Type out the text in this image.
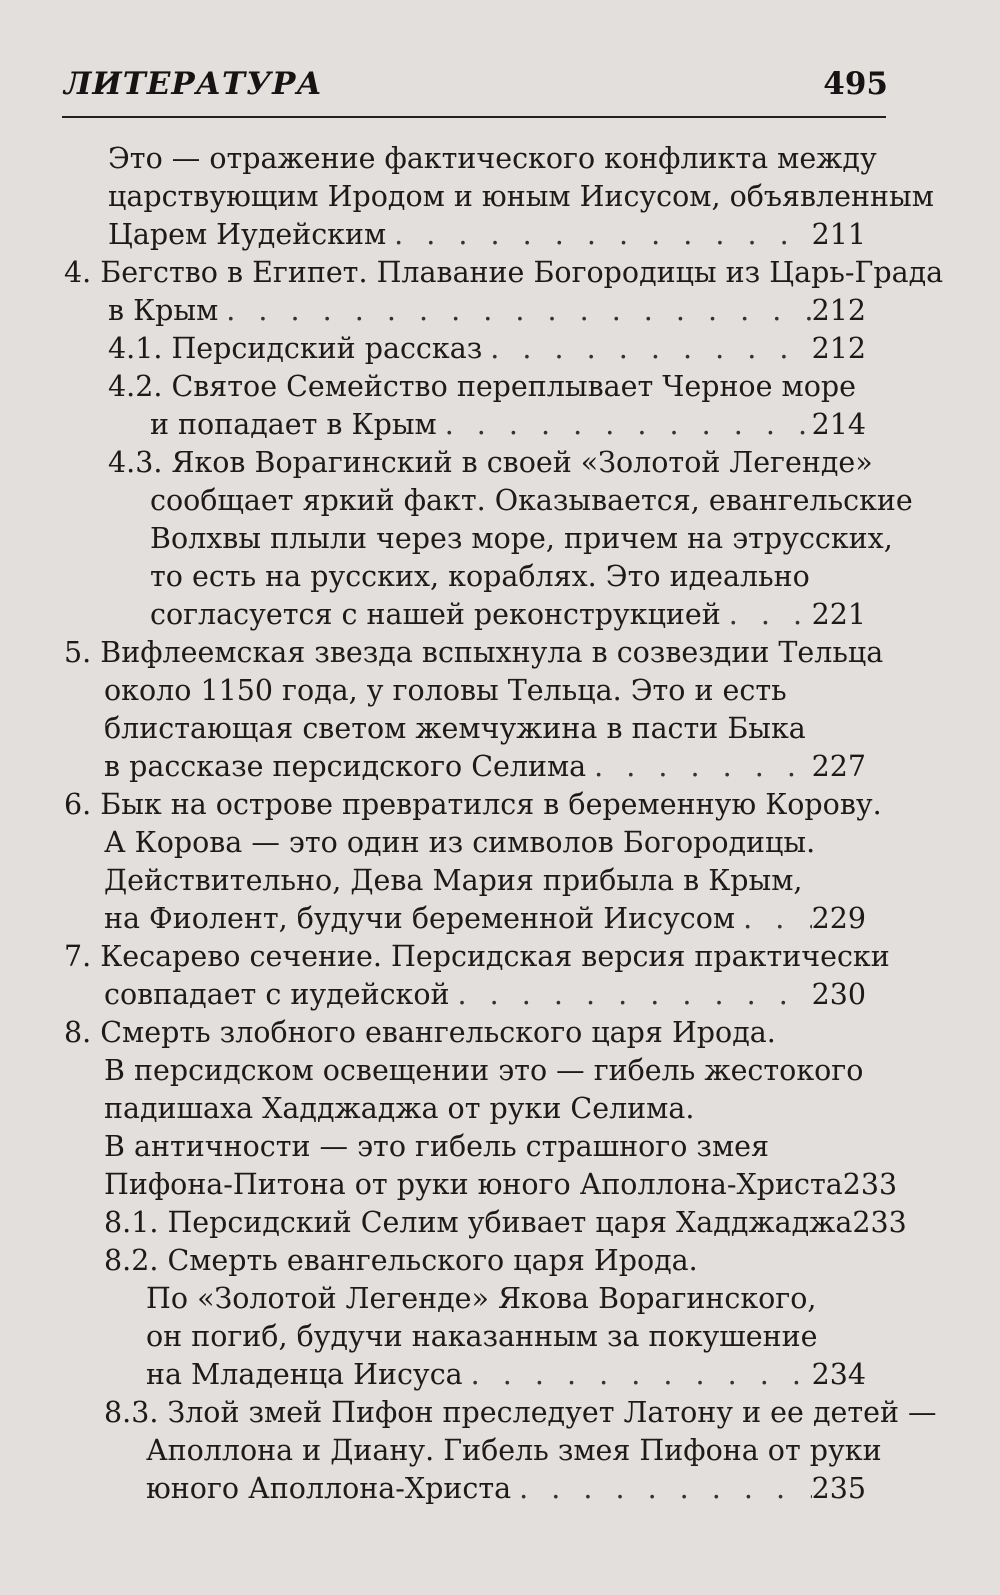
ЛИТЕРАТУРА	495
Это — отражение фактического конфликта между
царствующим Иродом и юным Иисусом, объявленным
Царем Иудейским . . .	211
4. Бегство в Египет. Плавание Богородицы из Царь-Града
в Крым . . .	212
4.1. Персидский рассказ . . .	212
4.2. Святое Семейство переплывает Черное море
и попадает в Крым . . .	214
4.3. Яков Ворагинский в своей «Золотой Легенде»
сообщает яркий факт. Оказывается, евангельские
Волхвы плыли через море, причем на этрусских,
то есть на русских, кораблях. Это идеально
согласуется с нашей реконструкцией . . .	221
5. Вифлеемская звезда вспыхнула в созвездии Тельца
около 1150 года, у головы Тельца. Это и есть
блистающая светом жемчужина в пасти Быка
в рассказе персидского Селима . . .	227
6. Бык на острове превратился в беременную Корову.
А Корова — это один из символов Богородицы.
Действительно, Дева Мария прибыла в Крым,
на Фиолент, будучи беременной Иисусом . . .	229
7. Кесарево сечение. Персидская версия практически
совпадает с иудейской . . .	230
8. Смерть злобного евангельского царя Ирода.
В персидском освещении это — гибель жестокого
падишаха Хадджаджа от руки Селима.
В античности — это гибель страшного змея
Пифона-Питона от руки юного Аполлона-Христа 233
8.1. Персидский Селим убивает царя Хадджаджа 233
8.2. Смерть евангельского царя Ирода.
По «Золотой Легенде» Якова Ворагинского,
он погиб, будучи наказанным за покушение
на Младенца Иисуса . . .	234
8.3. Злой змей Пифон преследует Латону и ее детей —
Аполлона и Диану. Гибель змея Пифона от руки
юного Аполлона-Христа . . .	235
